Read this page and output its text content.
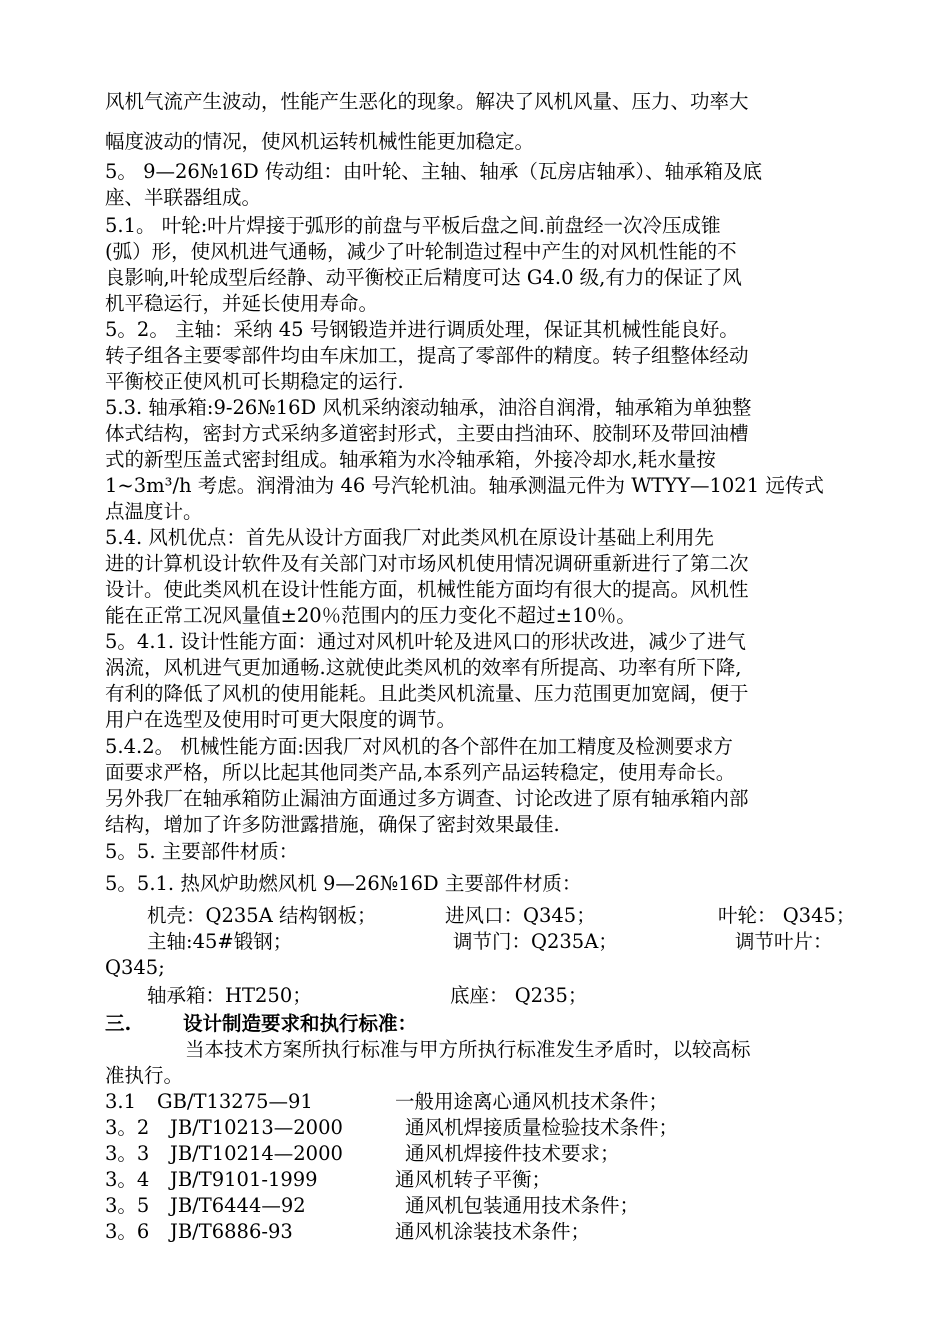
风机气流产生波动，性能产生恶化的现象。解决了风机风量、压力、功率大
幅度波动的情况，使风机运转机械性能更加稳定。
5。 9—26№16D 传动组：由叶轮、主轴、轴承（瓦房店轴承）、轴承箱及底
座、半联器组成。
5.1。 叶轮:叶片焊接于弧形的前盘与平板后盘之间.前盘经一次冷压成锥
(弧）形，使风机进气通畅，减少了叶轮制造过程中产生的对风机性能的不
良影响,叶轮成型后经静、动平衡校正后精度可达 G4.0 级,有力的保证了风
机平稳运行，并延长使用寿命。
5。2。 主轴：采纳 45 号钢锻造并进行调质处理，保证其机械性能良好。
转子组各主要零部件均由车床加工，提高了零部件的精度。转子组整体经动
平衡校正使风机可长期稳定的运行.
5.3. 轴承箱:9-26№16D 风机采纳滚动轴承，油浴自润滑，轴承箱为单独整
体式结构，密封方式采纳多道密封形式，主要由挡油环、胶制环及带回油槽
式的新型压盖式密封组成。轴承箱为水冷轴承箱，外接冷却水,耗水量按
1~3m³/h 考虑。润滑油为 46 号汽轮机油。轴承测温元件为 WTYY—1021 远传式
点温度计。
5.4. 风机优点：首先从设计方面我厂对此类风机在原设计基础上利用先
进的计算机设计软件及有关部门对市场风机使用情况调研重新进行了第二次
设计。使此类风机在设计性能方面，机械性能方面均有很大的提高。风机性
能在正常工况风量值±20％范围内的压力变化不超过±10％。
5。4.1. 设计性能方面：通过对风机叶轮及进风口的形状改进，减少了进气
涡流，风机进气更加通畅.这就使此类风机的效率有所提高、功率有所下降,
有利的降低了风机的使用能耗。且此类风机流量、压力范围更加宽阔，便于
用户在选型及使用时可更大限度的调节。
5.4.2。 机械性能方面:因我厂对风机的各个部件在加工精度及检测要求方
面要求严格，所以比起其他同类产品,本系列产品运转稳定，使用寿命长。
另外我厂在轴承箱防止漏油方面通过多方调查、讨论改进了原有轴承箱内部
结构，增加了许多防泄露措施，确保了密封效果最佳.
5。5. 主要部件材质：
5。5.1. 热风炉助燃风机 9—26№16D 主要部件材质：
机壳：Q235A 结构钢板；	进风口：Q345；	叶轮： Q345；
主轴:45#锻钢；	调节门：Q235A；	调节叶片：
Q345;
轴承箱：HT250；	底座： Q235；
三.	设计制造要求和执行标准：
当本技术方案所执行标准与甲方所执行标准发生矛盾时，以较高标
准执行。
3.1 GB/T13275—91	一般用途离心通风机技术条件；
3。2 JB/T10213—2000	通风机焊接质量检验技术条件；
3。3 JB/T10214—2000	通风机焊接件技术要求；
3。4 JB/T9101-1999	通风机转子平衡；
3。5 JB/T6444—92	通风机包装通用技术条件；
3。6 JB/T6886-93	通风机涂装技术条件；
